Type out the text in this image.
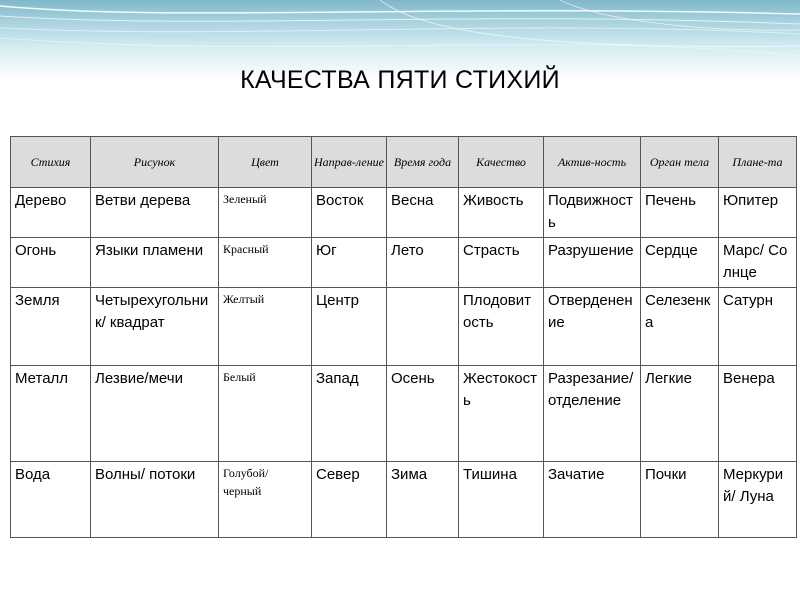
КАЧЕСТВА ПЯТИ СТИХИЙ
Стихия	Рисунок	Цвет	Направ-ление	Время года	Качество	Актив-ность	Орган тела	Плане-та
Дерево	Ветви дерева	Зеленый	Восток	Весна	Живость	Подвижность	Печень	Юпитер
Огонь	Языки пламени	Красный	Юг	Лето	Страсть	Разрушение	Сердце	Марс/ Солнце
Земля	Четырехугольник/ квадрат	Желтый	Центр		Плодовитость	Отверденение	Селезенка	Сатурн
Металл	Лезвие/мечи	Белый	Запад	Осень	Жестокость	Разрезание/ отделение	Легкие	Венера
Вода	Волны/ потоки	Голубой/ черный	Север	Зима	Тишина	Зачатие	Почки	Меркурий/ Луна
